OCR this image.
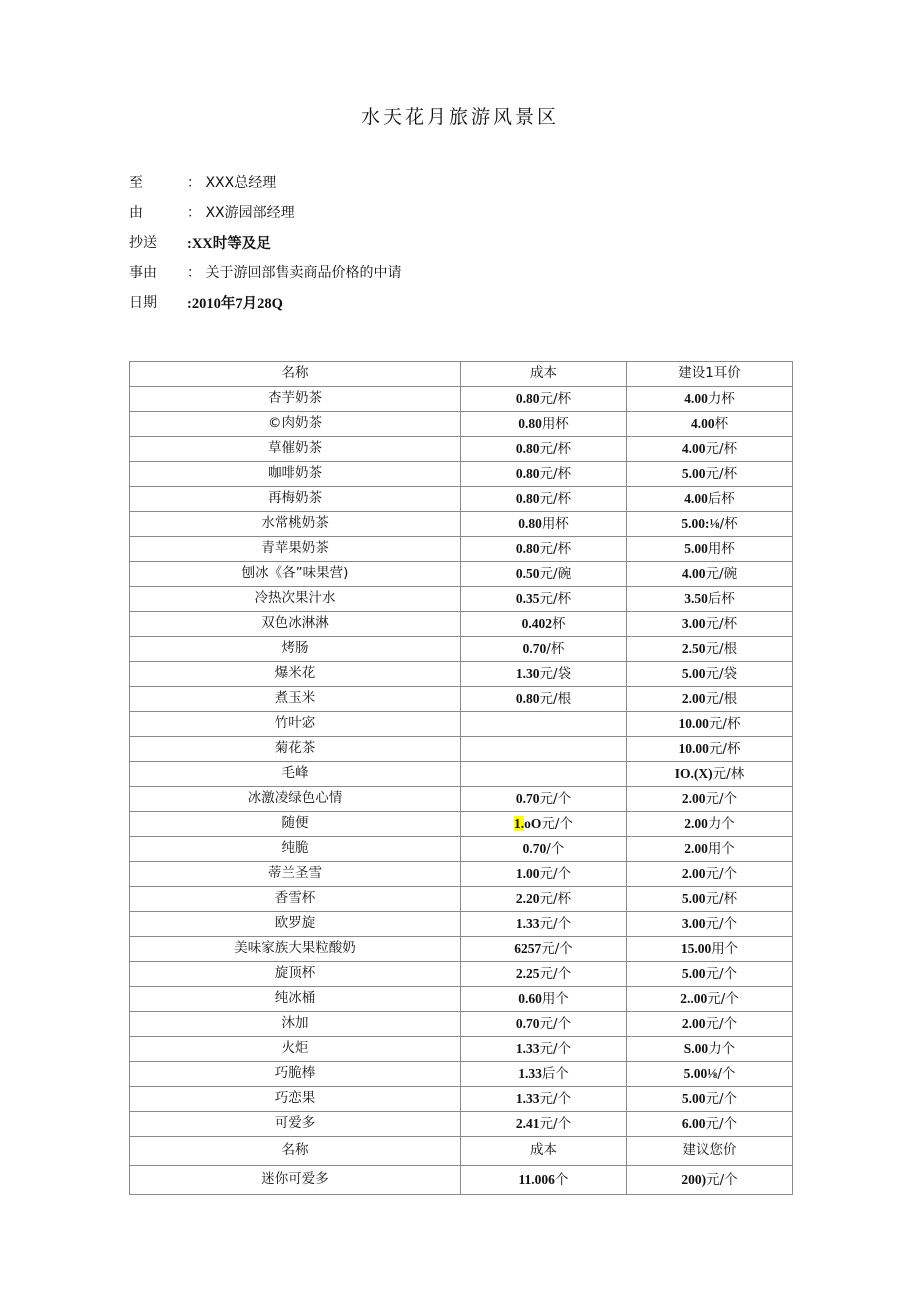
水天花月旅游风景区
至	： XXX总经理
由	： XX游园部经理
抄送	:XX时等及足
事由	： 关于游回部售卖商品价格的中请
日期	:2010年7月28Q
名称	成本	建设1耳价
杏芋奶茶	0.80元/杯	4.00力杯
©肉奶茶	0.80用杯	4.00杯
草催奶茶	0.80元/杯	4.00元/杯
咖啡奶茶	0.80元/杯	5.00元/杯
再梅奶茶	0.80元/杯	4.00后杯
水常桃奶茶	0.80用杯	5.00:⅛/杯
青苹果奶茶	0.80元/杯	5.00用杯
刨冰《各”味果营)	0.50元/碗	4.00元/碗
冷热次果汁水	0.35元/杯	3.50后杯
双色冰淋淋	0.402杯	3.00元/杯
烤肠	0.70/杯	2.50元/根
爆米花	1.30元/袋	5.00元/袋
煮玉米	0.80元/根	2.00元/根
竹叶宓		10.00元/杯
菊花茶		10.00元/杯
毛峰		IO.(X)元/林
冰激凌绿色心情	0.70元/个	2.00元/个
随便	1.oO元/个	2.00力个
纯脆	0.70/个	2.00用个
蒂兰圣雪	1.00元/个	2.00元/个
香雪杯	2.20元/杯	5.00元/杯
欧罗旋	1.33元/个	3.00元/个
美味家族大果粒酸奶	6257元/个	15.00用个
旋顶杯	2.25元/个	5.00元/个
纯冰桶	0.60用个	2..00元/个
沐加	0.70元/个	2.00元/个
火炬	1.33元/个	S.00力个
巧脆棒	1.33后个	5.00⅛/个
巧恋果	1.33元/个	5.00元/个
可爱多	2.41元/个	6.00元/个
名称	成本	建议您价
迷你可爱多	11.006个	200)元/个
